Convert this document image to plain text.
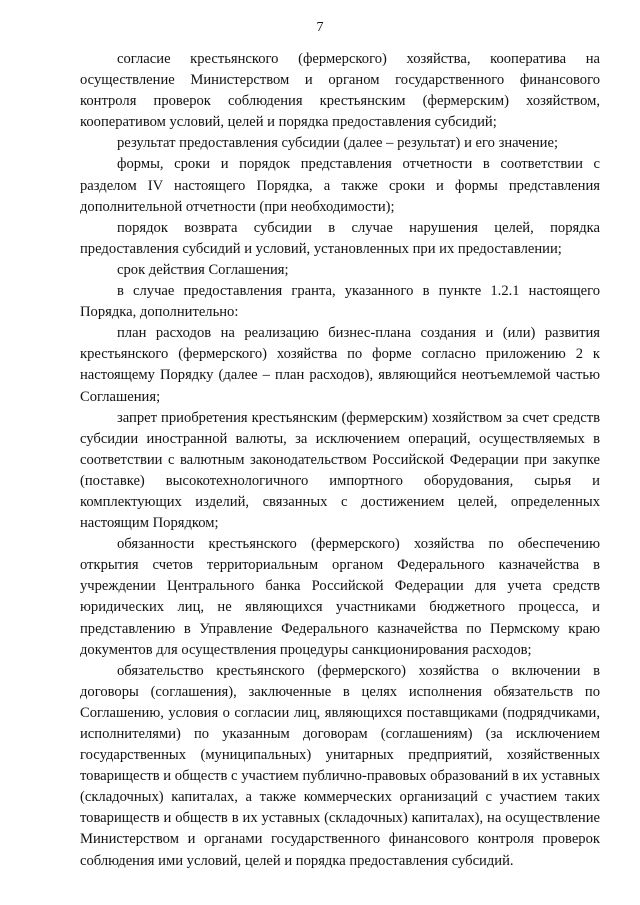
7

согласие крестьянского (фермерского) хозяйства, кооператива на осуществление Министерством и органом государственного финансового контроля проверок соблюдения крестьянским (фермерским) хозяйством, кооперативом условий, целей и порядка предоставления субсидий;

результат предоставления субсидии (далее – результат) и его значение;

формы, сроки и порядок представления отчетности в соответствии с разделом IV настоящего Порядка, а также сроки и формы представления дополнительной отчетности (при необходимости);

порядок возврата субсидии в случае нарушения целей, порядка предоставления субсидий и условий, установленных при их предоставлении;

срок действия Соглашения;

в случае предоставления гранта, указанного в пункте 1.2.1 настоящего Порядка, дополнительно:

план расходов на реализацию бизнес-плана создания и (или) развития крестьянского (фермерского) хозяйства по форме согласно приложению 2 к настоящему Порядку (далее – план расходов), являющийся неотъемлемой частью Соглашения;

запрет приобретения крестьянским (фермерским) хозяйством за счет средств субсидии иностранной валюты, за исключением операций, осуществляемых в соответствии с валютным законодательством Российской Федерации при закупке (поставке) высокотехнологичного импортного оборудования, сырья и комплектующих изделий, связанных с достижением целей, определенных настоящим Порядком;

обязанности крестьянского (фермерского) хозяйства по обеспечению открытия счетов территориальным органом Федерального казначейства в учреждении Центрального банка Российской Федерации для учета средств юридических лиц, не являющихся участниками бюджетного процесса, и представлению в Управление Федерального казначейства по Пермскому краю документов для осуществления процедуры санкционирования расходов;

обязательство крестьянского (фермерского) хозяйства о включении в договоры (соглашения), заключенные в целях исполнения обязательств по Соглашению, условия о согласии лиц, являющихся поставщиками (подрядчиками, исполнителями) по указанным договорам (соглашениям) (за исключением государственных (муниципальных) унитарных предприятий, хозяйственных товариществ и обществ с участием публично-правовых образований в их уставных (складочных) капиталах, а также коммерческих организаций с участием таких товариществ и обществ в их уставных (складочных) капиталах), на осуществление Министерством и органами государственного финансового контроля проверок соблюдения ими условий, целей и порядка предоставления субсидий.
